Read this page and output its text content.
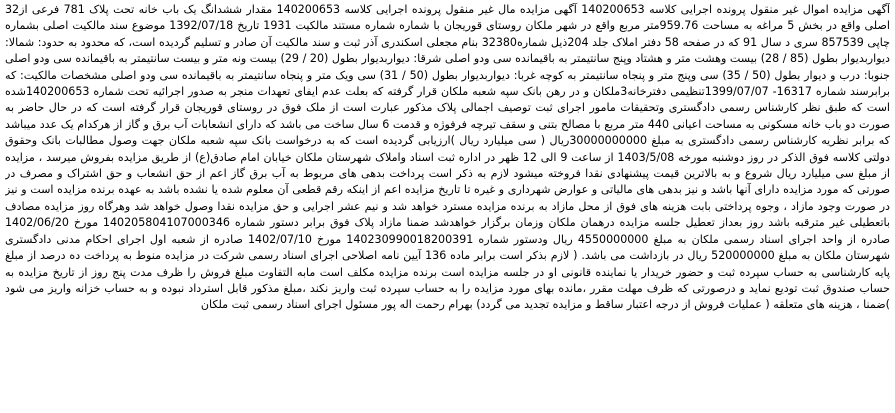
آگهی مزایده اموال غیر منقول پرونده اجرایی کلاسه 140200653 آگهی مزایده مال غیر منقول پرونده اجرایی کلاسه 140200653 مقدار ششدانگ یک باب خانه تحت پلاک 781 فرعی از32 اصلی واقع در بخش 5 مراغه به مساحت 959.76متر مربع واقع در شهر ملکان روستای قوریجان با شماره شماره مستند مالکیت 1931 تاریخ 1392/07/18 موضوع سند مالکیت اصلی بشماره چاپی 857539 سری د سال 91 که در صفحه 58 دفتر املاک جلد 204ذیل شماره32380 بنام مجعلی اسکندری آذر ثبت و سند مالکیت آن صادر و تسلیم گردیده است، که محدود به حدود: شمالا: دیواربدیوار بطول (85 / 28) بیست وهشت متر و هشتاد وپنج سانتیمتر به باقیمانده سی ودو اصلی شرقا: دیواربدیوار بطول (20 / 29) بیست ونه متر و بیست سانتیمتر به باقیمانده سی ودو اصلی جنوبا: درب و دیوار بطول (50 / 35) سی وپنج متر و پنجاه سانتیمتر به کوچه غربا: دیواربدیوار بطول (50 / 31) سی ویک متر و پنجاه سانتیمتر به باقیمانده سی ودو اصلی مشخصات مالکیت: که برابرسند شماره 16317- 1399/07/07تنظیمی دفترخانه3ملکان و در رهن بانک سپه شعبه ملکان قرار گرفته که بعلت عدم ایفای تعهدات منجر به صدور اجرائیه تحت شماره 140200653شده است که طبق نظر کارشناس رسمی دادگستری وتحقیقات مامور اجرای ثبت توصیف اجمالی پلاک مذکور عبارت است از ملک فوق در روستای قوریجان قرار گرفته است که در حال حاضر به صورت دو باب خانه مسکونی به مساحت اعیانی 440 متر مربع با مصالح بتنی و سقف تیرچه فرفوژه و قدمت 6 سال ساخت می باشد که دارای انشعابات آب برق و گاز از هرکدام یک عدد میباشد که برابر نظریه کارشناس رسمی دادگستری به مبلغ 30000000000ریال ( سی میلیارد ریال )ارزیابی گردیده است که به درخواست بانک سپه شعبه ملکان جهت وصول مطالبات بانک وحقوق دولتی کلاسه فوق الذکر در روز دوشنبه مورخه 1403/5/08 از ساعت 9 الی 12 ظهر در اداره ثبت اسناد واملاک شهرستان ملکان خیابان امام صادق(ع) از طریق مزایده بفروش میرسد ، مزایده از مبلغ سی میلیارد ریال شروع و به بالاترین قیمت پیشنهادی نقدا فروخته میشود لازم به ذکر است پرداخت بدهی های مربوط به آب برق گاز اعم از حق انشعاب و حق اشتراک و مصرف در صورتی که مورد مزایده دارای آنها باشد و نیز بدهی های مالیاتی و عوارض شهرداری و غیره تا تاریخ مزایده اعم از اینکه رقم قطعی آن معلوم شده یا نشده باشد به عهده برنده مزایده است و نیز در صورت وجود مازاد ، وجوه پرداختی بابت هزینه های فوق از محل مازاد به برنده مزایده مسترد خواهد شد و نیم عشر اجرایی و حق مزایده نقدا وصول خواهد شد وهرگاه روز مزایده مصادف باتعطیلی غیر مترقبه باشد روز بعداز تعطیل جلسه مزایده درهمان ملکان وزمان برگزار خواهدشد ضمنا مازاد پلاک فوق برابر دستور شماره 140205804107000346 مورخ 1402/06/20 صادره از واحد اجرای اسناد رسمی ملکان به مبلغ 4550000000 ریال ودستور شماره 140230990018200391 مورخ 1402/07/10 صادره از شعبه اول اجرای احکام مدنی دادگستری شهرستان ملکان به مبلغ 520000000 ریال در بازداشت می باشد. ( لازم بذکر است برابر ماده 136 آیین نامه اصلاحی اجرای اسناد رسمی شرکت در مزایده منوط به پرداخت ده درصد از مبلغ پایه کارشناسی به حساب سپرده ثبت و حضور خریدار یا نماینده قانونی او در جلسه مزایده است برنده مزایده مکلف است مابه التفاوت مبلغ فروش را ظرف مدت پنج روز از تاریخ مزایده به حساب صندوق ثبت تودیع نماید و درصورتی که ظرف مهلت مقرر ،مانده بهای مورد مزایده را به حساب سپرده ثبت واریز نکند ،مبلغ مذکور قابل استرداد نبوده و به حساب خزانه واریز می شود )ضمنا ، هزینه های متعلقه ( عملیات فروش از درجه اعتبار ساقط و مزایده تجدید می گردد) بهرام رحمت اله پور مسئول اجرای اسناد رسمی ثبت ملکان
